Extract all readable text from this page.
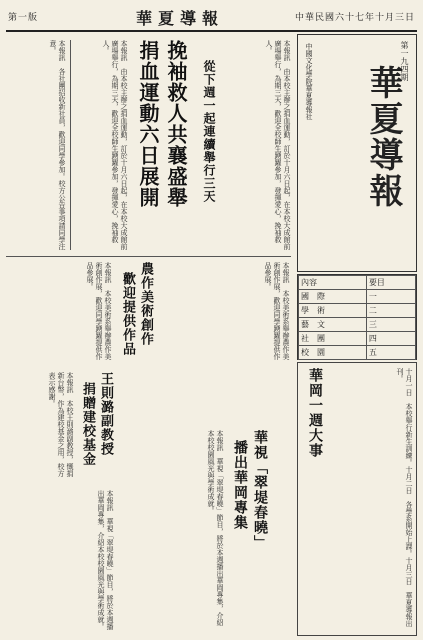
第一版	華夏導報	中華民國六十七年十月三日
第一九四期
華夏導報
中國文化學院華夏導報社
內容	要目
國　際	一
學　術	二
藝　文	三
社　團	四
校　園	五
捐血運動六日展開 挽袖救人共襄盛舉 從下週一起連續舉行三天	本報訊　由本校主辦之捐血運動，訂於十月六日起，在本校大成館前廣場舉行，為期三天，歡迎全校師生踴躍參加，發揮愛心，挽袖救人。
本報訊　由本校主辦之捐血運動，訂於十月六日起，在本校大成館前廣場舉行，為期三天，歡迎全校師生踴躍參加，發揮愛心，挽袖救人。
本報訊　各社團招收新社員，歡迎同學參加。校方公告事項請同學注意。
農作美術創作
歡迎提供作品
本報訊　本校美術系舉辦農作美術創作展，歡迎同學踴躍提供作品參展。	本報訊　本校美術系舉辦農作美術創作展，歡迎同學踴躍提供作品參展。
華岡一週大事	十月一日　本校舉行新生訓練。十月二日　各學系開始上課。十月三日　華夏導報出刊。
王則潞副教授
捐贈建校基金
本報訊　本校王則潞副教授，慨捐新台幣，作為建校基金之用，校方表示感謝。
華視「翠堤春曉」
播出華岡專集
本報訊　華視「翠堤春曉」節目，將於本週播出華岡專集，介紹本校校園風光與學術成就。
本報訊　華視「翠堤春曉」節目，將於本週播出華岡專集，介紹本校校園風光與學術成就。
